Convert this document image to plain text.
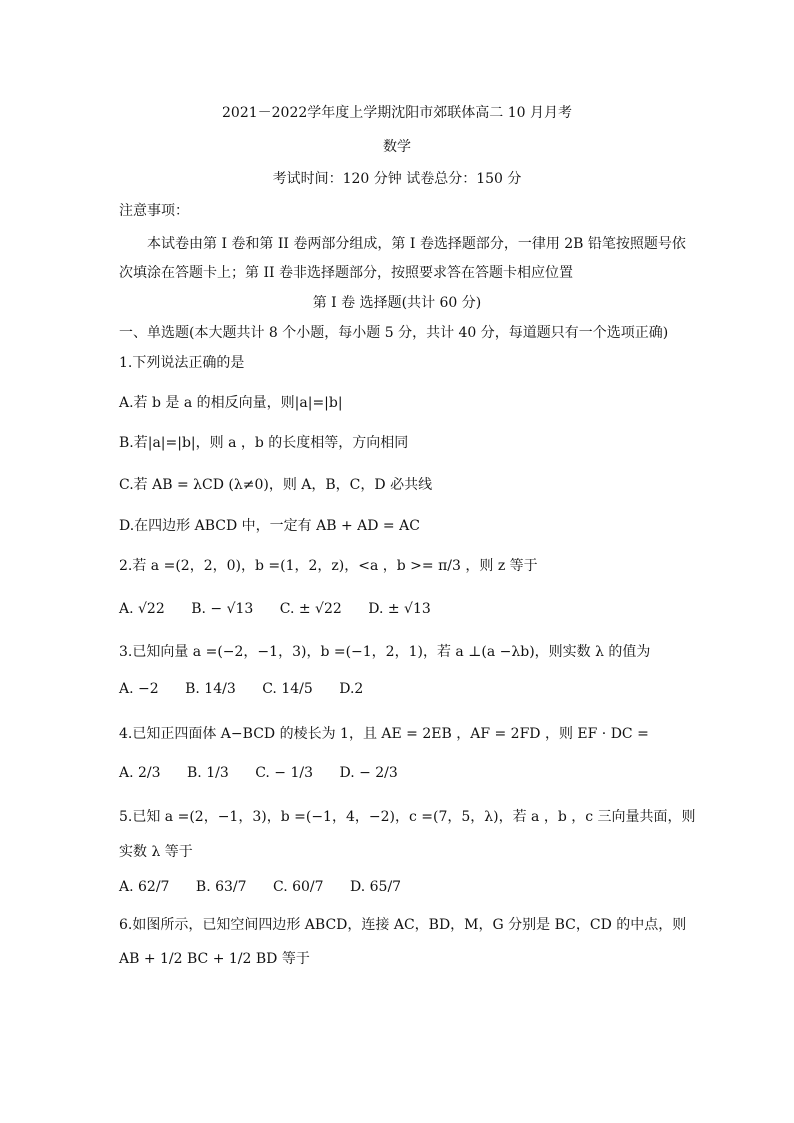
2021－2022学年度上学期沈阳市郊联体高二 10 月月考
数学
考试时间：120 分钟 试卷总分：150 分
注意事项：
本试卷由第 I 卷和第 II 卷两部分组成，第 I 卷选择题部分，一律用 2B 铅笔按照题号依
次填涂在答题卡上；第 II 卷非选择题部分，按照要求答在答题卡相应位置
第 I 卷 选择题(共计 60 分)
一、单选题(本大题共计 8 个小题，每小题 5 分，共计 40 分，每道题只有一个选项正确)
1.下列说法正确的是
A.若 b 是 a 的相反向量，则|a|=|b|
B.若|a|=|b|，则 a ，b 的长度相等，方向相同
C.若 AB = λCD (λ≠0)，则 A，B，C，D 必共线
D.在四边形 ABCD 中，一定有 AB + AD = AC
2.若 a =(2，2，0)，b =(1，2，z)，<a ，b >= π/3 ，则 z 等于
A. √22 B. − √13 C. ± √22 D. ± √13
3.已知向量 a =(−2，−1，3)，b =(−1，2，1)，若 a ⊥(a −λb)，则实数 λ 的值为
A. −2 B. 14/3 C. 14/5 D.2
4.已知正四面体 A−BCD 的棱长为 1，且 AE = 2EB ，AF = 2FD ，则 EF · DC =
A. 2/3 B. 1/3 C. − 1/3 D. − 2/3
5.已知 a =(2，−1，3)，b =(−1，4，−2)，c =(7，5，λ)，若 a ，b ，c 三向量共面，则
实数 λ 等于
A. 62/7 B. 63/7 C. 60/7 D. 65/7
6.如图所示，已知空间四边形 ABCD，连接 AC，BD，M，G 分别是 BC，CD 的中点，则
AB + 1/2 BC + 1/2 BD 等于
